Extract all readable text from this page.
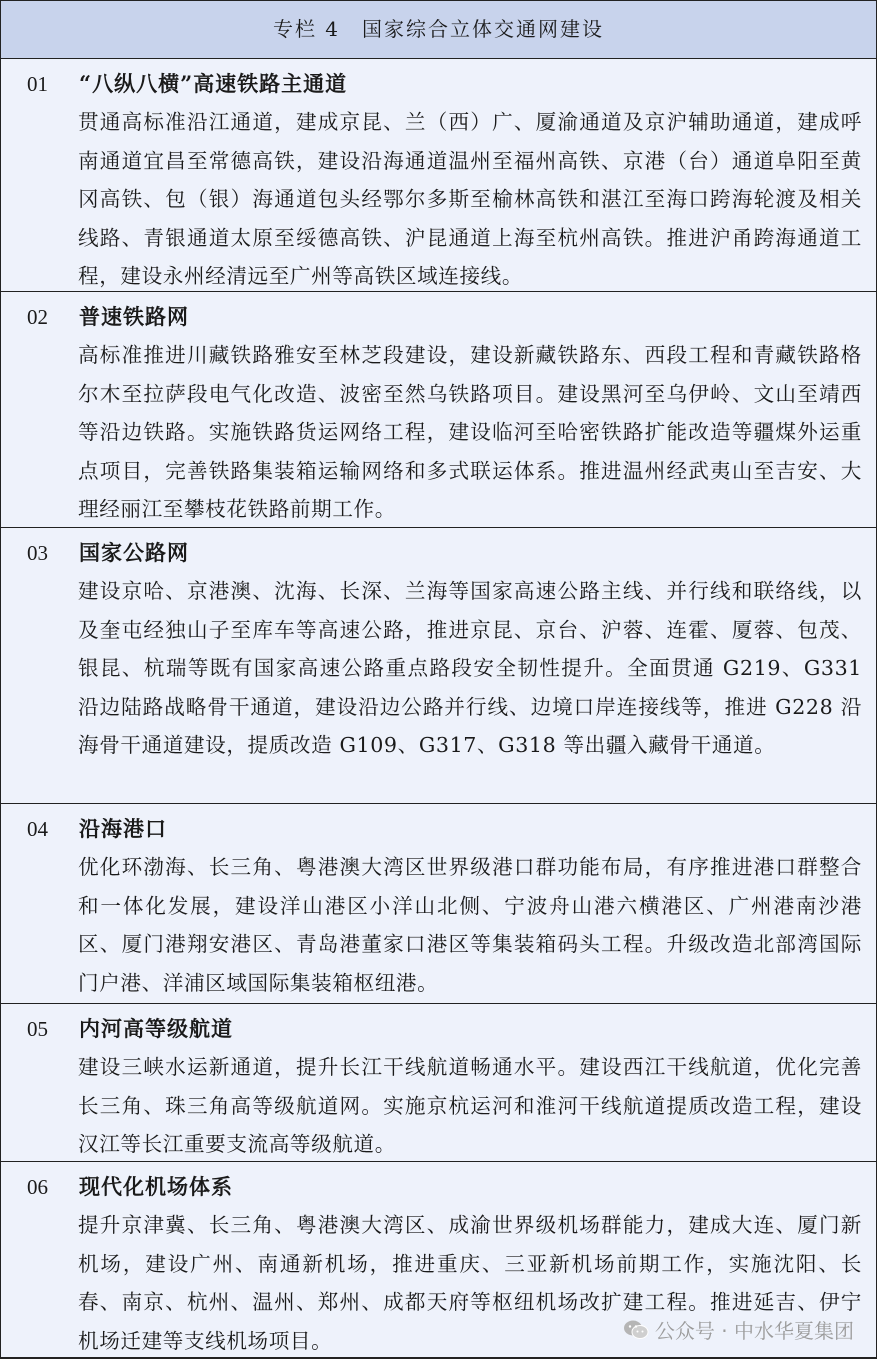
专栏 4　国家综合立体交通网建设
01 “八纵八横”高速铁路主通道
贯通高标准沿江通道，建成京昆、兰（西）广、厦渝通道及京沪辅助通道，建成呼南通道宜昌至常德高铁，建设沿海通道温州至福州高铁、京港（台）通道阜阳至黄冈高铁、包（银）海通道包头经鄂尔多斯至榆林高铁和湛江至海口跨海轮渡及相关线路、青银通道太原至绥德高铁、沪昆通道上海至杭州高铁。推进沪甬跨海通道工程，建设永州经清远至广州等高铁区域连接线。
02 普速铁路网
高标准推进川藏铁路雅安至林芝段建设，建设新藏铁路东、西段工程和青藏铁路格尔木至拉萨段电气化改造、波密至然乌铁路项目。建设黑河至乌伊岭、文山至靖西等沿边铁路。实施铁路货运网络工程，建设临河至哈密铁路扩能改造等疆煤外运重点项目，完善铁路集装箱运输网络和多式联运体系。推进温州经武夷山至吉安、大理经丽江至攀枝花铁路前期工作。
03 国家公路网
建设京哈、京港澳、沈海、长深、兰海等国家高速公路主线、并行线和联络线，以及奎屯经独山子至库车等高速公路，推进京昆、京台、沪蓉、连霍、厦蓉、包茂、银昆、杭瑞等既有国家高速公路重点路段安全韧性提升。全面贯通 G219、G331 沿边陆路战略骨干通道，建设沿边公路并行线、边境口岸连接线等，推进 G228 沿海骨干通道建设，提质改造 G109、G317、G318 等出疆入藏骨干通道。
04 沿海港口
优化环渤海、长三角、粤港澳大湾区世界级港口群功能布局，有序推进港口群整合和一体化发展，建设洋山港区小洋山北侧、宁波舟山港六横港区、广州港南沙港区、厦门港翔安港区、青岛港董家口港区等集装箱码头工程。升级改造北部湾国际门户港、洋浦区域国际集装箱枢纽港。
05 内河高等级航道
建设三峡水运新通道，提升长江干线航道畅通水平。建设西江干线航道，优化完善长三角、珠三角高等级航道网。实施京杭运河和淮河干线航道提质改造工程，建设汉江等长江重要支流高等级航道。
06 现代化机场体系
提升京津冀、长三角、粤港澳大湾区、成渝世界级机场群能力，建成大连、厦门新机场，建设广州、南通新机场，推进重庆、三亚新机场前期工作，实施沈阳、长春、南京、杭州、温州、郑州、成都天府等枢纽机场改扩建工程。推进延吉、伊宁机场迁建等支线机场项目。	公众号 · 中水华夏集团
